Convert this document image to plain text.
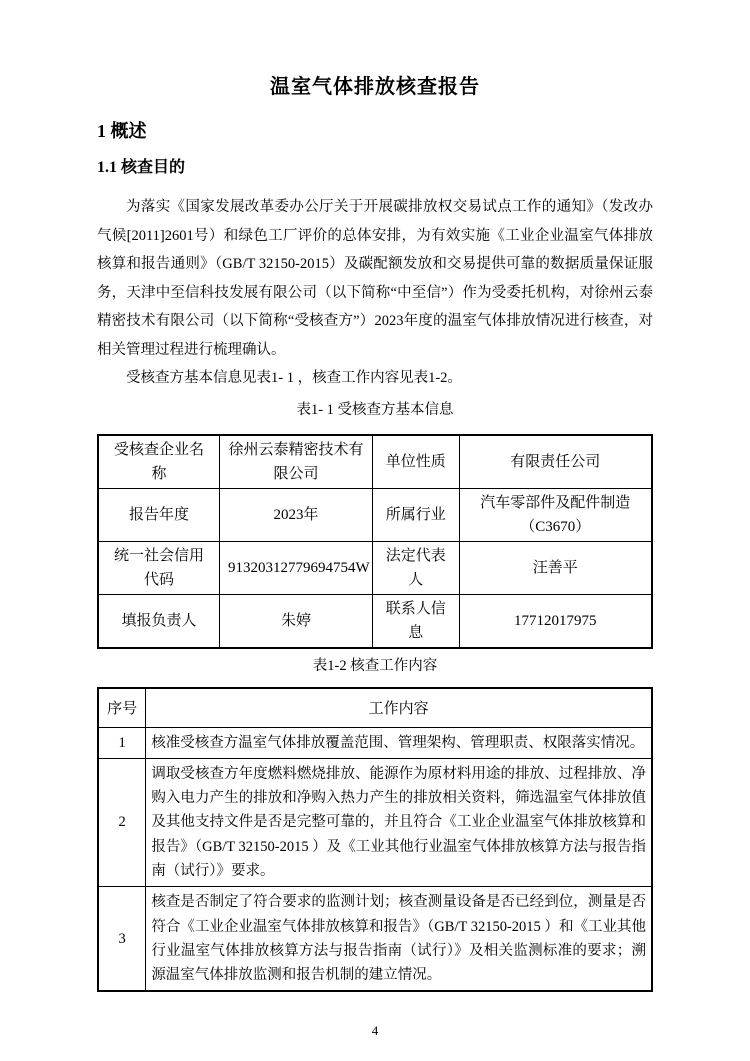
温室气体排放核查报告
1 概述
1.1 核查目的

为落实《国家发展改革委办公厅关于开展碳排放权交易试点工作的通知》（发改办气候[2011]2601号）和绿色工厂评价的总体安排，为有效实施《工业企业温室气体排放核算和报告通则》（GB/T 32150-2015）及碳配额发放和交易提供可靠的数据质量保证服务，天津中至信科技发展有限公司（以下简称“中至信”）作为受委托机构，对徐州云泰精密技术有限公司（以下简称“受核查方”）2023年度的温室气体排放情况进行核查，对相关管理过程进行梳理确认。

受核查方基本信息见表1- 1 ，核查工作内容见表1-2。

表1- 1 受核查方基本信息
受核查企业名称	徐州云泰精密技术有限公司	单位性质	有限责任公司
报告年度	2023年	所属行业	汽车零部件及配件制造（C3670）
统一社会信用代码	91320312779694754W	法定代表人	汪善平
填报负责人	朱婷	联系人信息	17712017975
表1-2 核查工作内容
序号	工作内容
1	核准受核查方温室气体排放覆盖范围、管理架构、管理职责、权限落实情况。
2	调取受核查方年度燃料燃烧排放、能源作为原材料用途的排放、过程排放、净购入电力产生的排放和净购入热力产生的排放相关资料，筛选温室气体排放值及其他支持文件是否是完整可靠的，并且符合《工业企业温室气体排放核算和报告》（GB/T 32150-2015 ）及《工业其他行业温室气体排放核算方法与报告指南（试行）》要求。
3	核查是否制定了符合要求的监测计划；核查测量设备是否已经到位，测量是否符合《工业企业温室气体排放核算和报告》（GB/T 32150-2015 ）和《工业其他行业温室气体排放核算方法与报告指南（试行）》及相关监测标准的要求；溯源温室气体排放监测和报告机制的建立情况。
4
